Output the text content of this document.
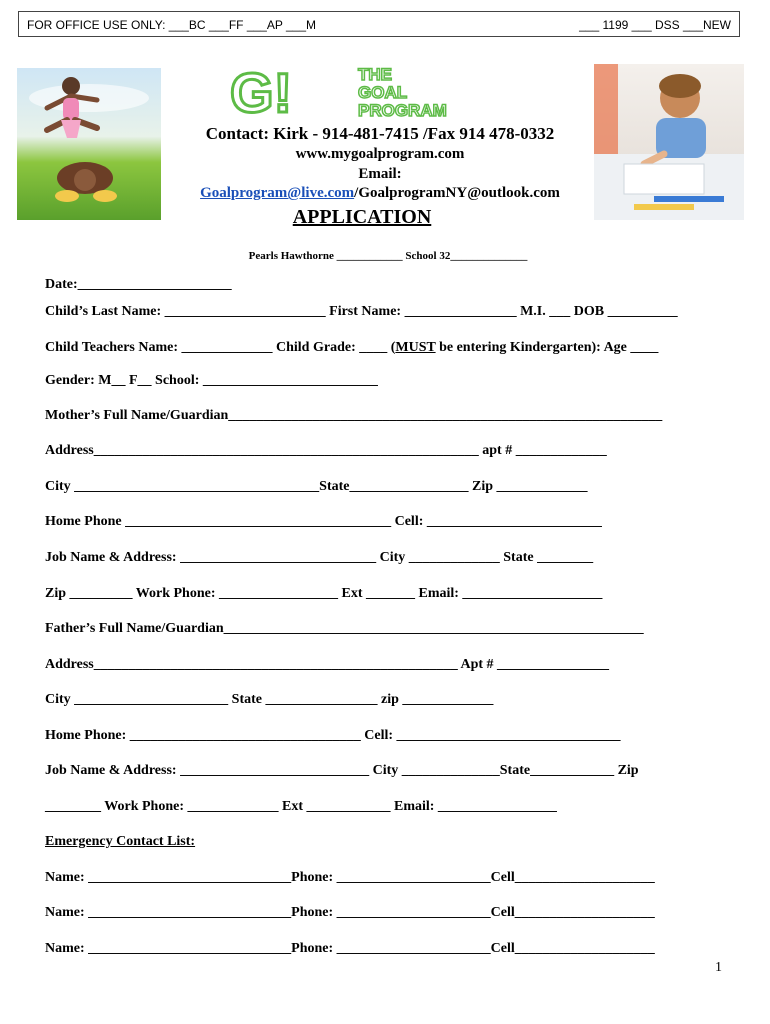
FOR OFFICE USE ONLY: ___BC ___FF ___AP ___M	___ 1199 ___ DSS ___NEW
G!	THE
GOAL
PROGRAM
Contact: Kirk - 914-481-7415 /Fax 914 478-0332
www.mygoalprogram.com
Email:
Goalprogram@live.com/GoalprogramNY@outlook.com
APPLICATION
Pearls Hawthorne ____________ School 32______________
Date:______________________
Child’s Last Name: _______________________ First Name: ________________ M.I. ___ DOB __________
Child Teachers Name: _____________ Child Grade: ____ (MUST be entering Kindergarten): Age ____
Gender: M__ F__ School: _________________________
Mother’s Full Name/Guardian______________________________________________________________
Address_______________________________________________________ apt # _____________
City ___________________________________State_________________ Zip _____________
Home Phone ______________________________________ Cell: _________________________
Job Name & Address: ____________________________ City _____________ State ________
Zip _________ Work Phone: _________________ Ext _______ Email: ____________________
Father’s Full Name/Guardian____________________________________________________________
Address____________________________________________________ Apt # ________________
City ______________________ State ________________ zip _____________
Home Phone: _________________________________ Cell: ________________________________
Job Name & Address: ___________________________ City ______________State____________ Zip
________ Work Phone: _____________ Ext ____________ Email: _________________
Emergency Contact List:
Name: _____________________________Phone: ______________________Cell____________________
Name: _____________________________Phone: ______________________Cell____________________
Name: _____________________________Phone: ______________________Cell____________________
1
